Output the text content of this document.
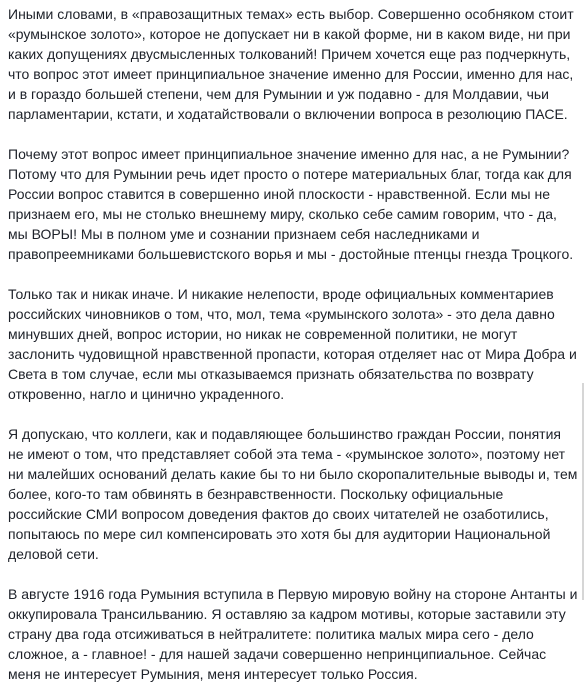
Иными словами, в «правозащитных темах» есть выбор. Совершенно особняком стоит «румынское золото», которое не допускает ни в какой форме, ни в каком виде, ни при каких допущениях двусмысленных толкований! Причем хочется еще раз подчеркнуть, что вопрос этот имеет принципиальное значение именно для России, именно для нас, и в гораздо большей степени, чем для Румынии и уж подавно - для Молдавии, чьи парламентарии, кстати, и ходатайствовали о включении вопроса в резолюцию ПАСЕ.

Почему этот вопрос имеет принципиальное значение именно для нас, а не Румынии? Потому что для Румынии речь идет просто о потере материальных благ, тогда как для России вопрос ставится в совершенно иной плоскости - нравственной. Если мы не признаем его, мы не столько внешнему миру, сколько себе самим говорим, что - да, мы ВОРЫ! Мы в полном уме и сознании признаем себя наследниками и правопреемниками большевистского ворья и мы - достойные птенцы гнезда Троцкого.

Только так и никак иначе. И никакие нелепости, вроде официальных комментариев российских чиновников о том, что, мол, тема «румынского золота» - это дела давно минувших дней, вопрос истории, но никак не современной политики, не могут заслонить чудовищной нравственной пропасти, которая отделяет нас от Мира Добра и Света в том случае, если мы отказываемся признать обязательства по возврату откровенно, нагло и цинично украденного.

Я допускаю, что коллеги, как и подавляющее большинство граждан России, понятия не имеют о том, что представляет собой эта тема - «румынское золото», поэтому нет ни малейших оснований делать какие бы то ни было скоропалительные выводы и, тем более, кого-то там обвинять в безнравственности. Поскольку официальные российские СМИ вопросом доведения фактов до своих читателей не озаботились, попытаюсь по мере сил компенсировать это хотя бы для аудитории Национальной деловой сети.

В августе 1916 года Румыния вступила в Первую мировую войну на стороне Антанты и оккупировала Трансильванию. Я оставляю за кадром мотивы, которые заставили эту страну два года отсиживаться в нейтралитете: политика малых мира сего - дело сложное, а - главное! - для нашей задачи совершенно непринципиальное. Сейчас меня не интересует Румыния, меня интересует только Россия.
